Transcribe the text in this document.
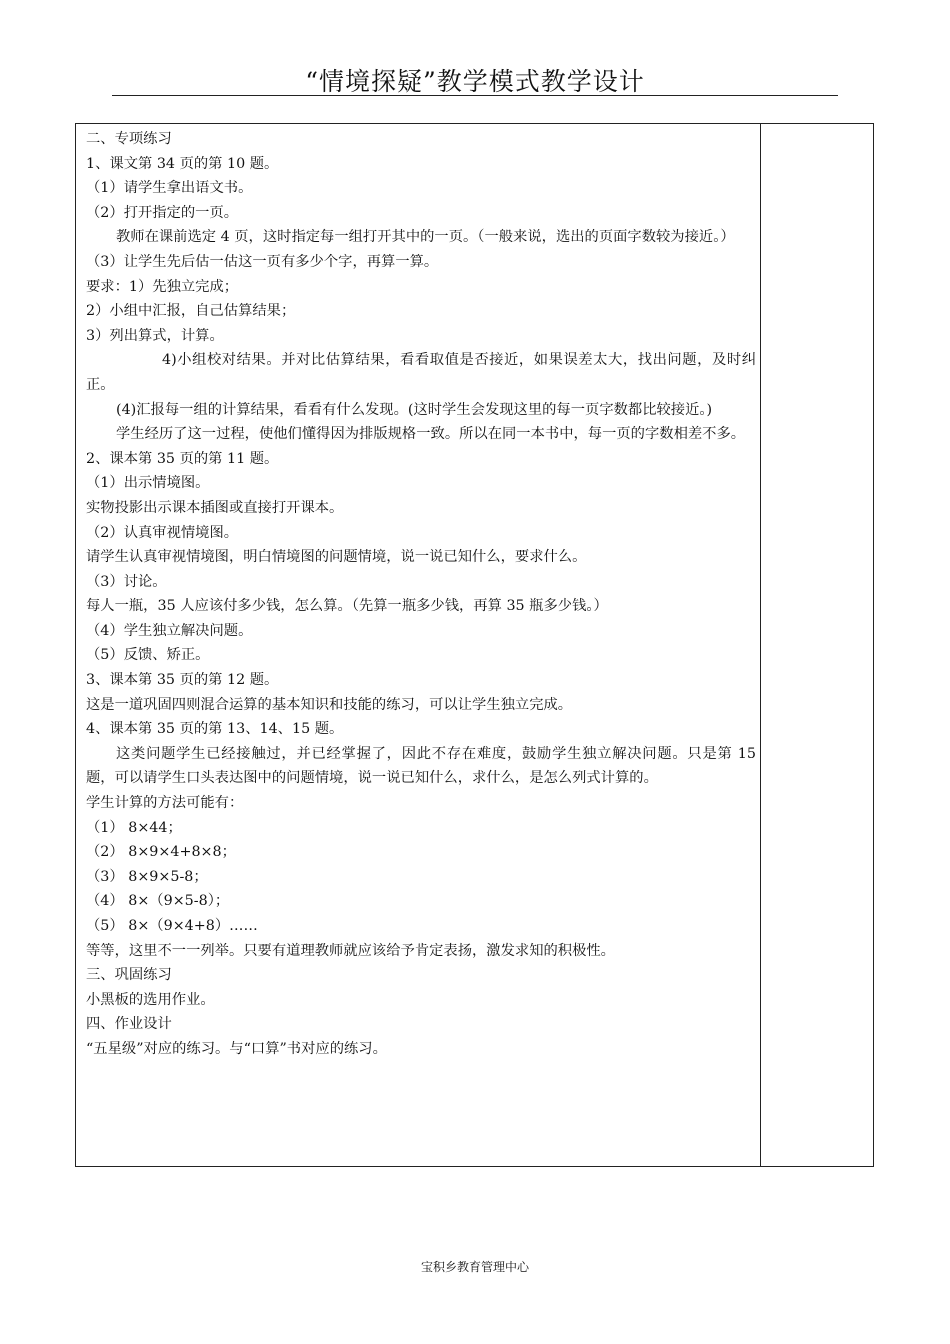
“情境探疑”教学模式教学设计

二、专项练习

1、课文第 34 页的第 10 题。

（1）请学生拿出语文书。

（2）打开指定的一页。

教师在课前选定 4 页，这时指定每一组打开其中的一页。（一般来说，选出的页面字数较为接近。）

（3）让学生先后估一估这一页有多少个字，再算一算。

要求：1）先独立完成；

2）小组中汇报，自己估算结果；

3）列出算式，计算。

4)小组校对结果。并对比估算结果，看看取值是否接近，如果误差太大，找出问题，及时纠正。

(4)汇报每一组的计算结果，看看有什么发现。(这时学生会发现这里的每一页字数都比较接近。)

学生经历了这一过程，使他们懂得因为排版规格一致。所以在同一本书中，每一页的字数相差不多。

2、课本第 35 页的第 11 题。

（1）出示情境图。

实物投影出示课本插图或直接打开课本。

（2）认真审视情境图。

请学生认真审视情境图，明白情境图的问题情境，说一说已知什么，要求什么。

（3）讨论。

每人一瓶，35 人应该付多少钱，怎么算。（先算一瓶多少钱，再算 35 瓶多少钱。）

（4）学生独立解决问题。

（5）反馈、矫正。

3、课本第 35 页的第 12 题。

这是一道巩固四则混合运算的基本知识和技能的练习，可以让学生独立完成。

4、课本第 35 页的第 13、14、15 题。

这类问题学生已经接触过，并已经掌握了，因此不存在难度，鼓励学生独立解决问题。只是第 15 题，可以请学生口头表达图中的问题情境，说一说已知什么，求什么，是怎么列式计算的。

学生计算的方法可能有：

（1） 8×44；

（2） 8×9×4+8×8；

（3） 8×9×5-8；

（4） 8×（9×5-8）；

（5） 8×（9×4+8）……

等等，这里不一一列举。只要有道理教师就应该给予肯定表扬，激发求知的积极性。

三、巩固练习

小黑板的选用作业。

四、作业设计

“五星级”对应的练习。与“口算”书对应的练习。

宝积乡教育管理中心
